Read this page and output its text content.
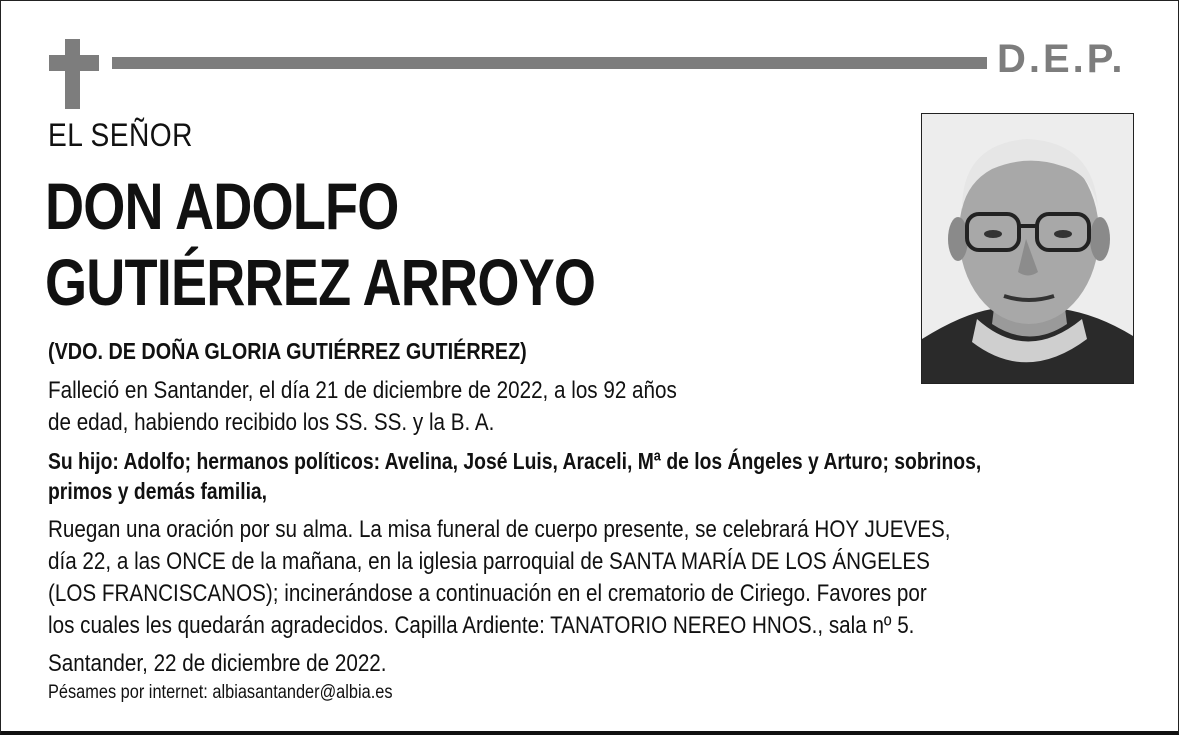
D.E.P.
EL SEÑOR
DON ADOLFO
GUTIÉRREZ ARROYO
(VDO. DE DOÑA GLORIA GUTIÉRREZ GUTIÉRREZ)
Falleció en Santander, el día 21 de diciembre de 2022, a los 92 años
de edad, habiendo recibido los SS. SS. y la B. A.
Su hijo: Adolfo; hermanos políticos: Avelina, José Luis, Araceli, Mª de los Ángeles y Arturo; sobrinos,
primos y demás familia,
Ruegan una oración por su alma. La misa funeral de cuerpo presente, se celebrará HOY JUEVES,
día 22, a las ONCE de la mañana, en la iglesia parroquial de SANTA MARÍA DE LOS ÁNGELES
(LOS FRANCISCANOS); incinerándose a continuación en el crematorio de Ciriego. Favores por
los cuales les quedarán agradecidos. Capilla Ardiente: TANATORIO NEREO HNOS., sala nº 5.
Santander, 22 de diciembre de 2022.
Pésames por internet: albiasantander@albia.es
